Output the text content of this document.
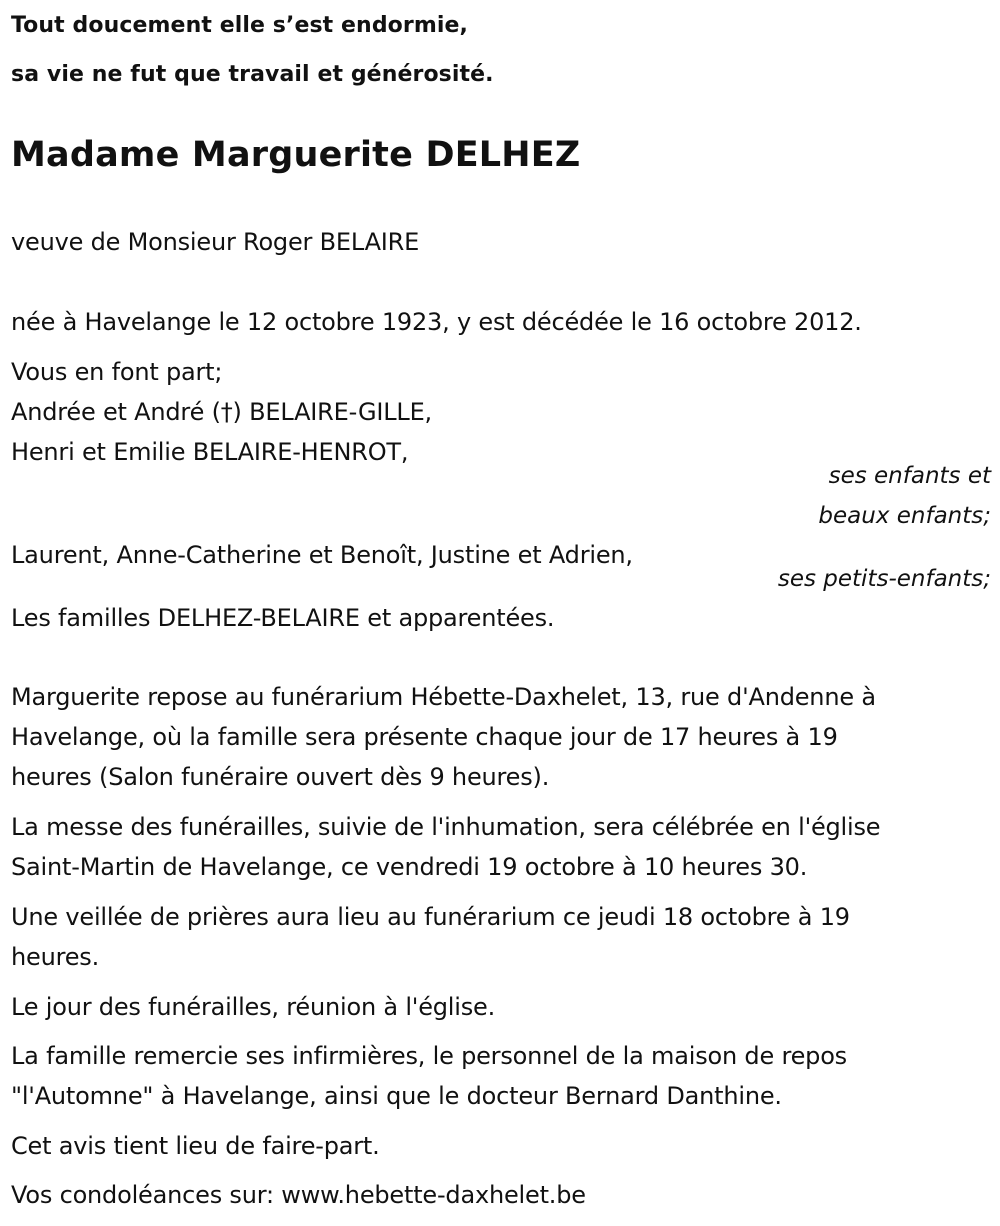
Tout doucement elle s’est endormie,
sa vie ne fut que travail et générosité.
Madame Marguerite DELHEZ
veuve de Monsieur Roger BELAIRE
née à Havelange le 12 octobre 1923, y est décédée le 16 octobre 2012.
Vous en font part;
Andrée et André (†) BELAIRE-GILLE,
Henri et Emilie BELAIRE-HENROT,
ses enfants et
beaux enfants;
Laurent, Anne-Catherine et Benoît, Justine et Adrien,
ses petits-enfants;
Les familles DELHEZ-BELAIRE et apparentées.
Marguerite repose au funérarium Hébette-Daxhelet, 13, rue d'Andenne à
Havelange, où la famille sera présente chaque jour de 17 heures à 19
heures (Salon funéraire ouvert dès 9 heures).
La messe des funérailles, suivie de l'inhumation, sera célébrée en l'église
Saint-Martin de Havelange, ce vendredi 19 octobre à 10 heures 30.
Une veillée de prières aura lieu au funérarium ce jeudi 18 octobre à 19
heures.
Le jour des funérailles, réunion à l'église.
La famille remercie ses infirmières, le personnel de la maison de repos
"l'Automne" à Havelange, ainsi que le docteur Bernard Danthine.
Cet avis tient lieu de faire-part.
Vos condoléances sur: www.hebette-daxhelet.be
